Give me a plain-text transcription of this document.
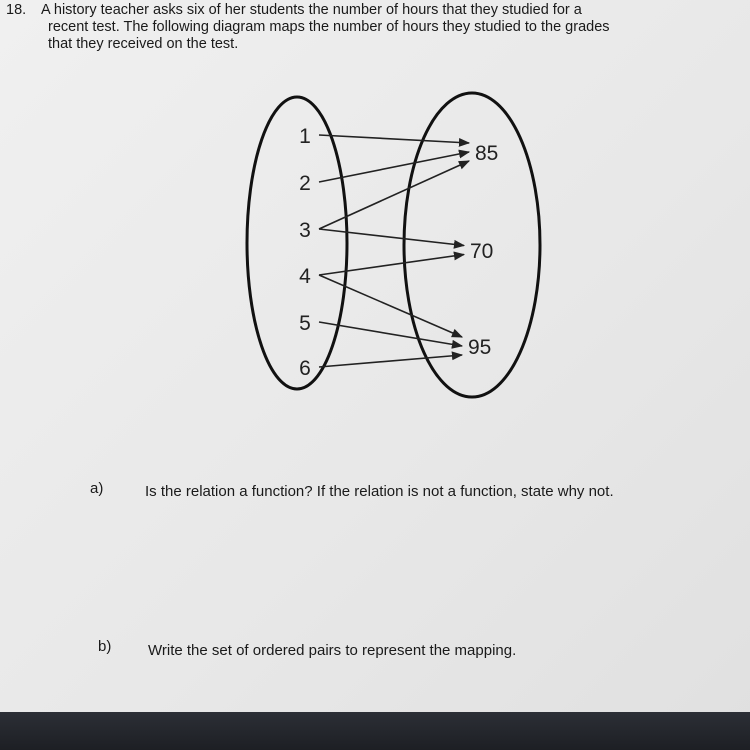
18. A history teacher asks six of her students the number of hours that they studied for a
recent test. The following diagram maps the number of hours they studied to the grades
that they received on the test.
1
2
3
4
5
6
85
70
95
a)	Is the relation a function? If the relation is not a function, state why not.
b) Write the set of ordered pairs to represent the mapping.
